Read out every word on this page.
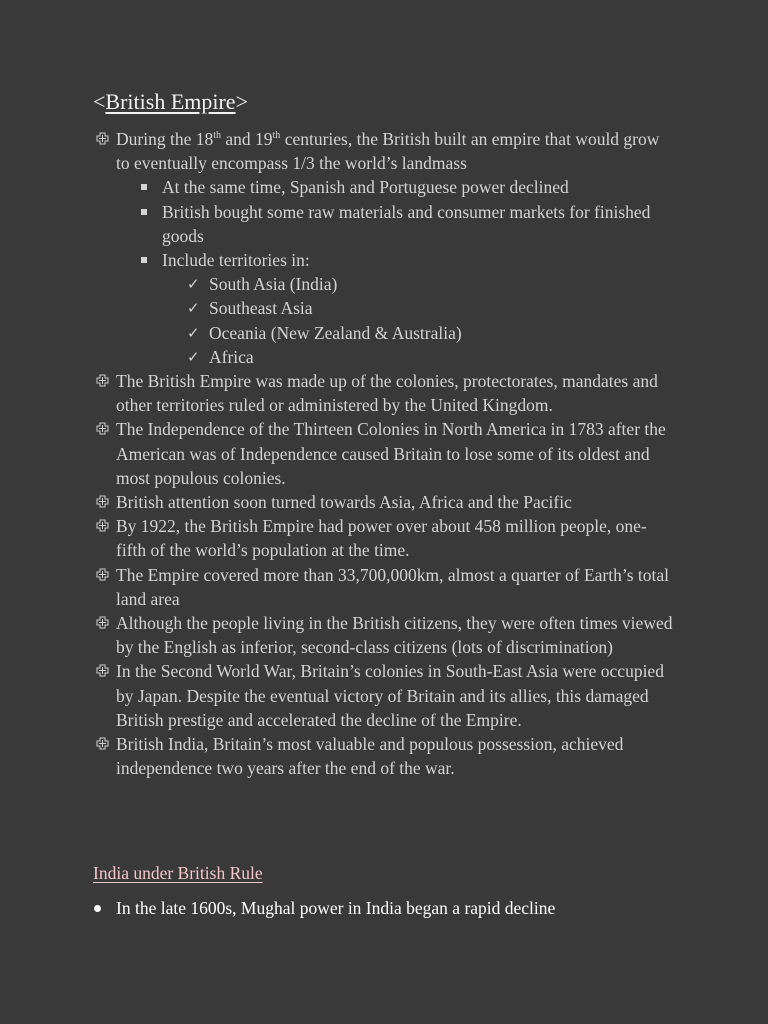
<British Empire>
During the 18th and 19th centuries, the British built an empire that would grow to eventually encompass 1/3 the world’s landmass
At the same time, Spanish and Portuguese power declined
British bought some raw materials and consumer markets for finished goods
Include territories in:
✓ South Asia (India)
✓ Southeast Asia
✓ Oceania (New Zealand & Australia)
✓ Africa
The British Empire was made up of the colonies, protectorates, mandates and other territories ruled or administered by the United Kingdom.
The Independence of the Thirteen Colonies in North America in 1783 after the American was of Independence caused Britain to lose some of its oldest and most populous colonies.
British attention soon turned towards Asia, Africa and the Pacific
By 1922, the British Empire had power over about 458 million people, one-fifth of the world’s population at the time.
The Empire covered more than 33,700,000km, almost a quarter of Earth’s total land area
Although the people living in the British citizens, they were often times viewed by the English as inferior, second-class citizens (lots of discrimination)
In the Second World War, Britain’s colonies in South-East Asia were occupied by Japan. Despite the eventual victory of Britain and its allies, this damaged British prestige and accelerated the decline of the Empire.
British India, Britain’s most valuable and populous possession, achieved independence two years after the end of the war.
India under British Rule
In the late 1600s, Mughal power in India began a rapid decline
